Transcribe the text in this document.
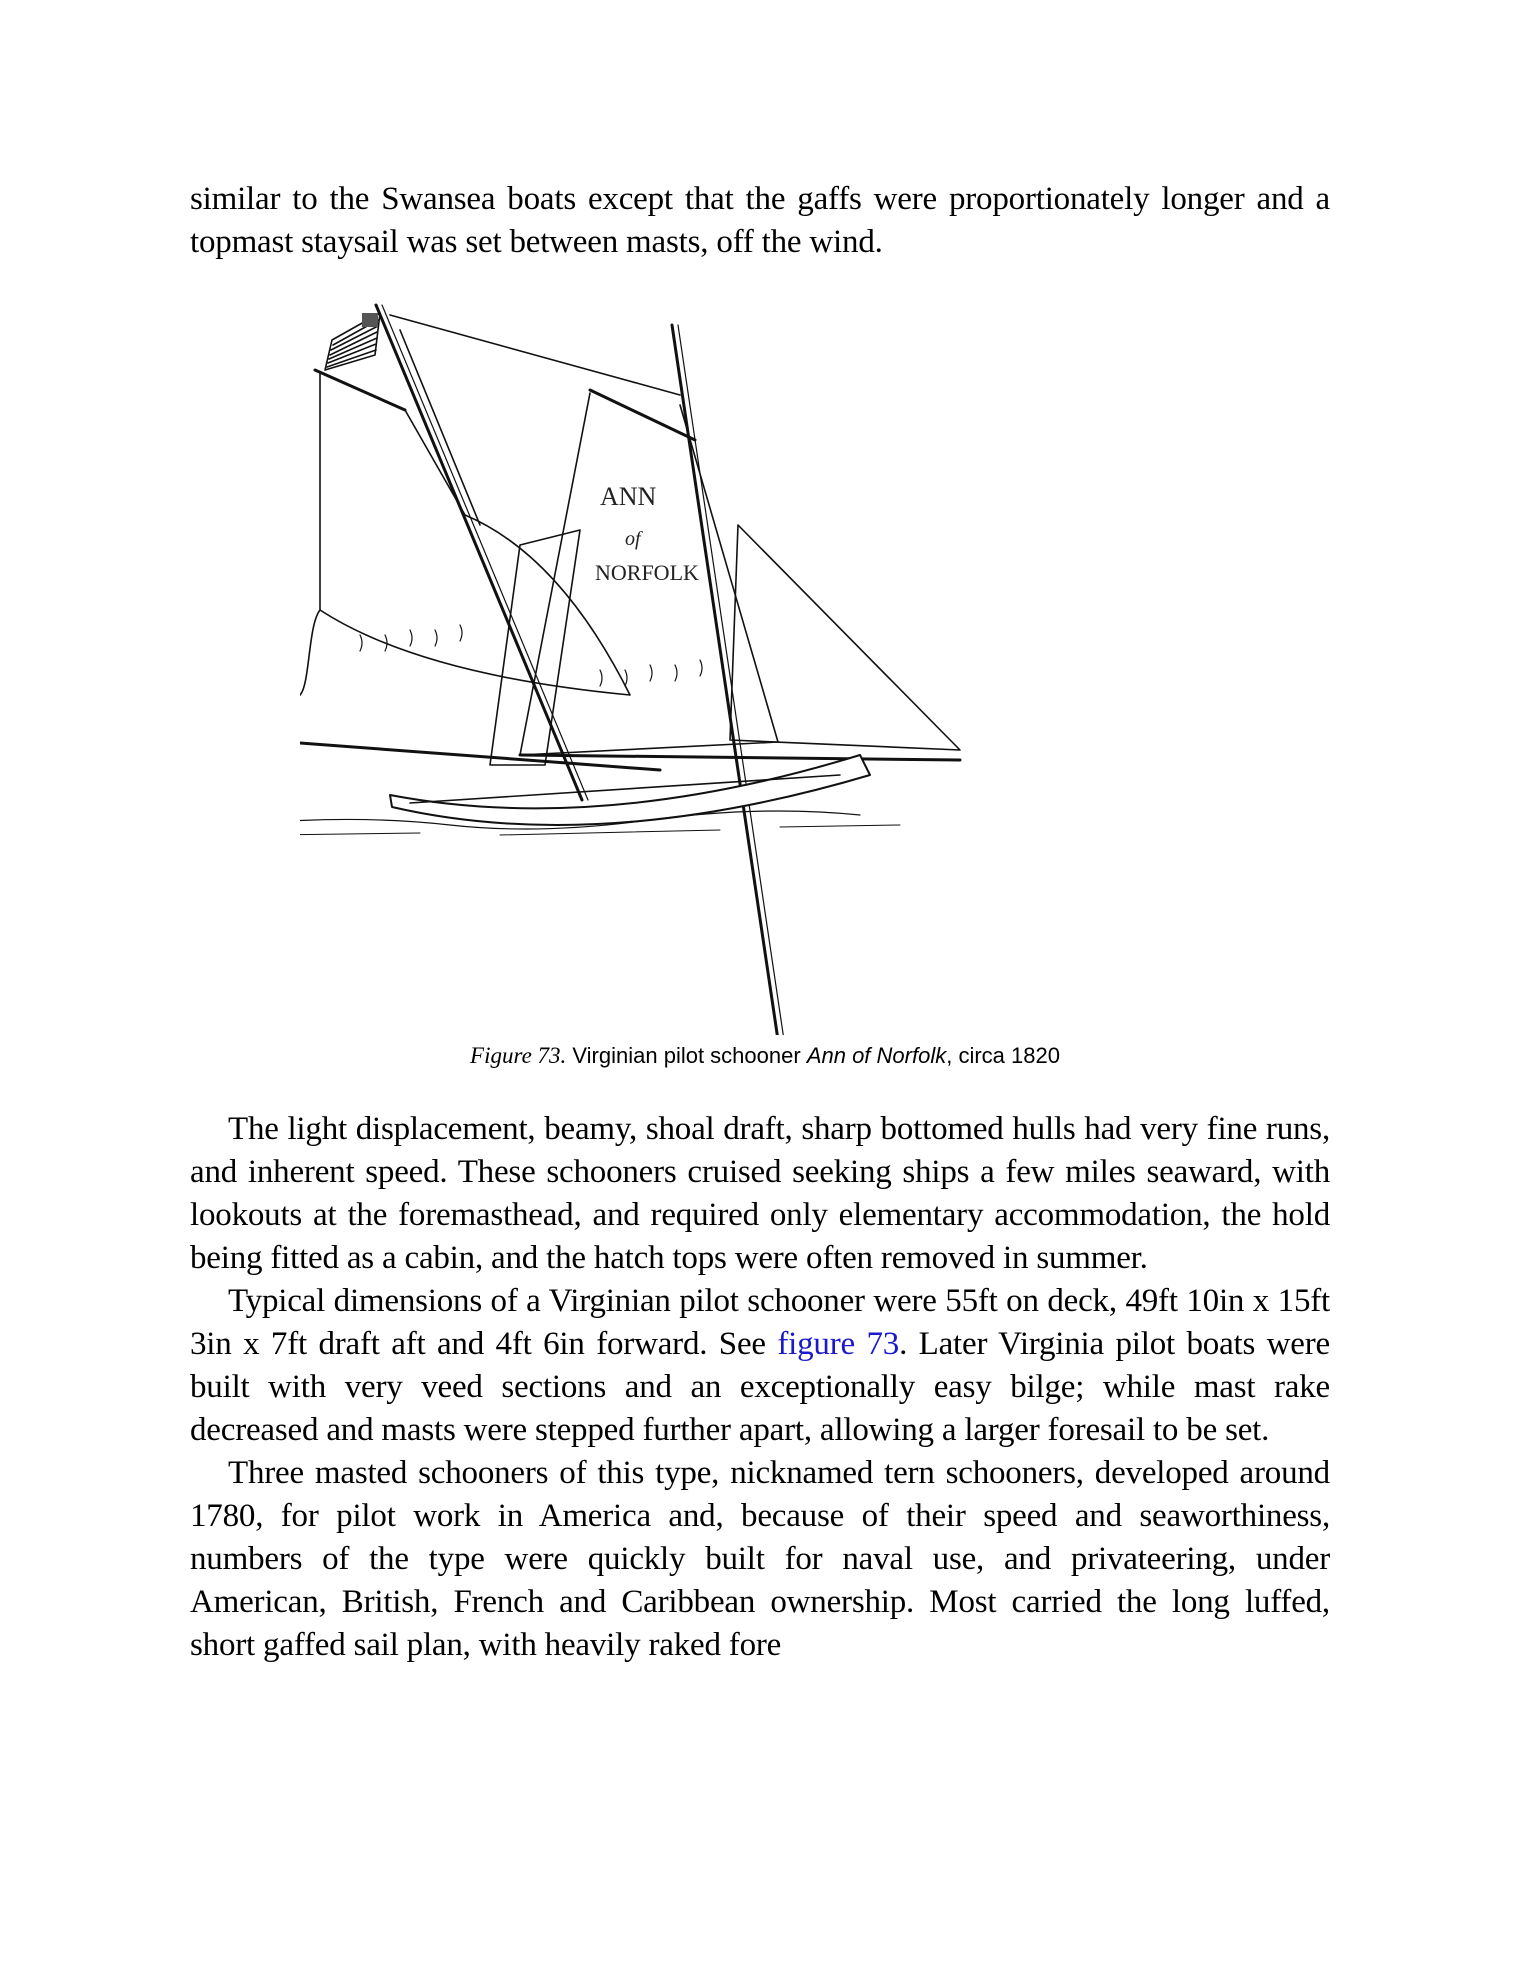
similar to the Swansea boats except that the gaffs were proportionately longer and a topmast staysail was set between masts, off the wind.

ANN
of
NORFOLK
Figure 73. Virginian pilot schooner Ann of Norfolk, circa 1820

The light displacement, beamy, shoal draft, sharp bottomed hulls had very fine runs, and inherent speed. These schooners cruised seeking ships a few miles seaward, with lookouts at the foremasthead, and required only elementary accommodation, the hold being fitted as a cabin, and the hatch tops were often removed in summer.

Typical dimensions of a Virginian pilot schooner were 55ft on deck, 49ft 10in x 15ft 3in x 7ft draft aft and 4ft 6in forward. See figure 73. Later Virginia pilot boats were built with very veed sections and an exceptionally easy bilge; while mast rake decreased and masts were stepped further apart, allowing a larger foresail to be set.

Three masted schooners of this type, nicknamed tern schooners, developed around 1780, for pilot work in America and, because of their speed and seaworthiness, numbers of the type were quickly built for naval use, and privateering, under American, British, French and Caribbean ownership. Most carried the long luffed, short gaffed sail plan, with heavily raked fore
